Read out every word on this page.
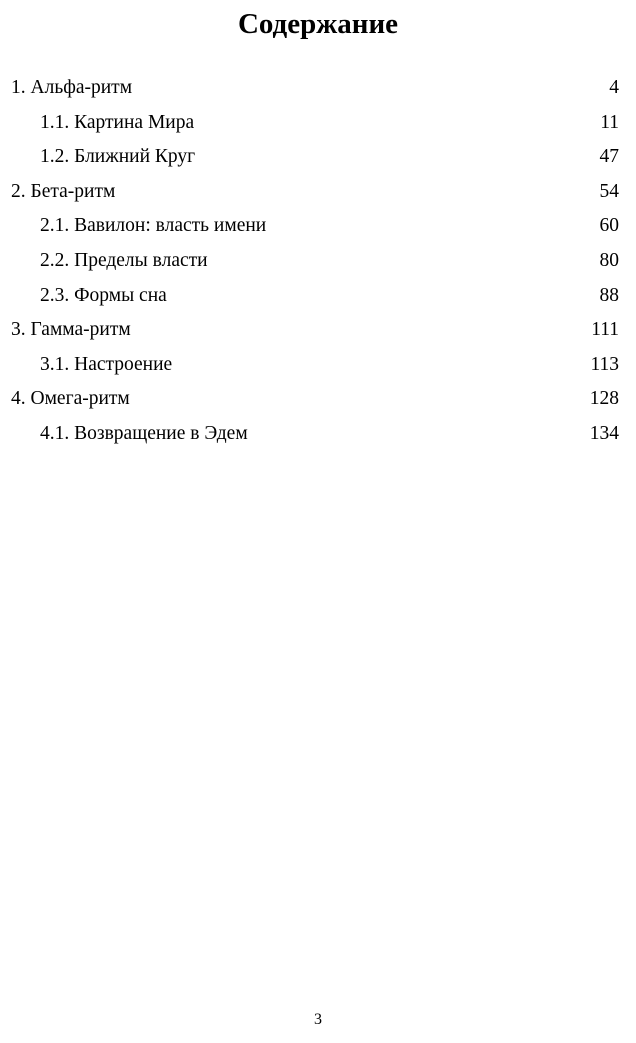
Содержание
1. Альфа-ритм	4
1.1. Картина Мира	11
1.2. Ближний Круг	47
2. Бета-ритм	54
2.1. Вавилон: власть имени	60
2.2. Пределы власти	80
2.3. Формы сна	88
3. Гамма-ритм	111
3.1. Настроение	113
4. Омега-ритм	128
4.1. Возвращение в Эдем	134
3
